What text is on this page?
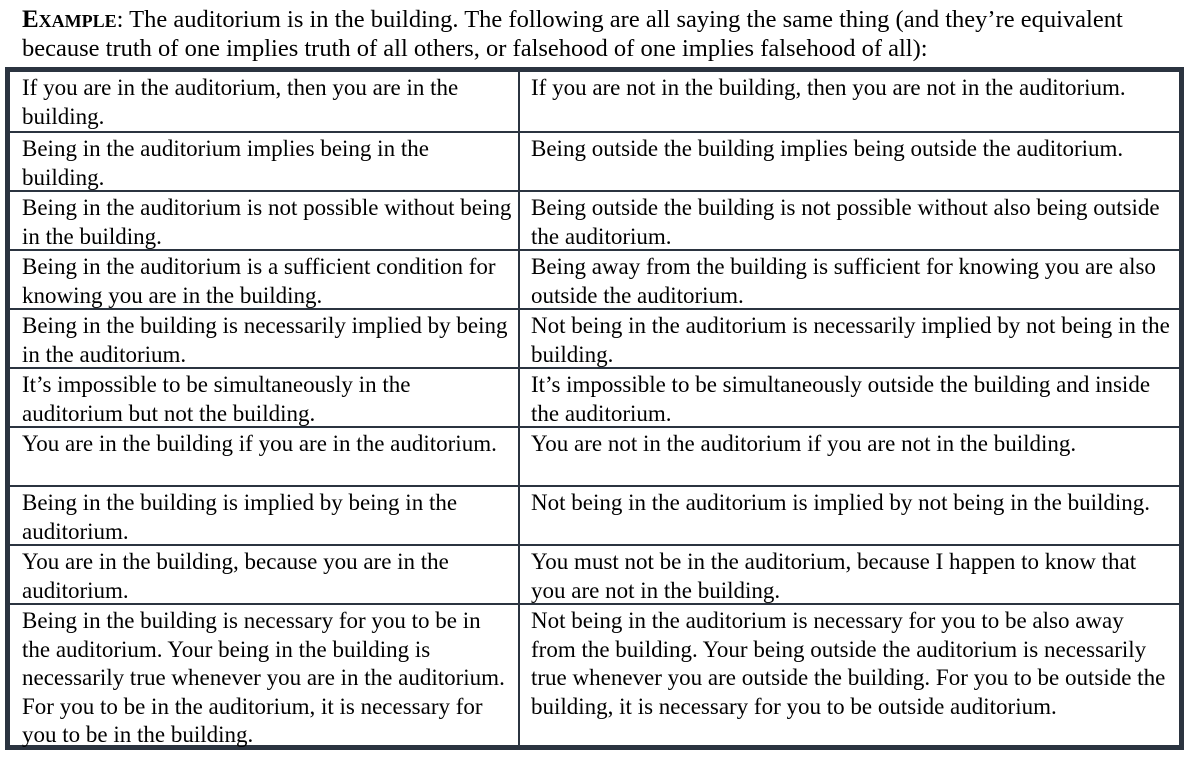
Example: The auditorium is in the building. The following are all saying the same thing (and they’re equivalent because truth of one implies truth of all others, or falsehood of one implies falsehood of all):
If you are in the auditorium, then you are in the building.
If you are not in the building, then you are not in the auditorium.
Being in the auditorium implies being in the building.
Being outside the building implies being outside the auditorium.
Being in the auditorium is not possible without being in the building.
Being outside the building is not possible without also being outside the auditorium.
Being in the auditorium is a sufficient condition for knowing you are in the building.
Being away from the building is sufficient for knowing you are also outside the auditorium.
Being in the building is necessarily implied by being in the auditorium.
Not being in the auditorium is necessarily implied by not being in the building.
It’s impossible to be simultaneously in the auditorium but not the building.
It’s impossible to be simultaneously outside the building and inside the auditorium.
You are in the building if you are in the auditorium.	You are not in the auditorium if you are not in the building.
Being in the building is implied by being in the auditorium.
Not being in the auditorium is implied by not being in the building.
You are in the building, because you are in the auditorium.
You must not be in the auditorium, because I happen to know that you are not in the building.
Being in the building is necessary for you to be in the auditorium. Your being in the building is necessarily true whenever you are in the auditorium. For you to be in the auditorium, it is necessary for you to be in the building.
Not being in the auditorium is necessary for you to be also away from the building. Your being outside the auditorium is necessarily true whenever you are outside the building. For you to be outside the building, it is necessary for you to be outside auditorium.
